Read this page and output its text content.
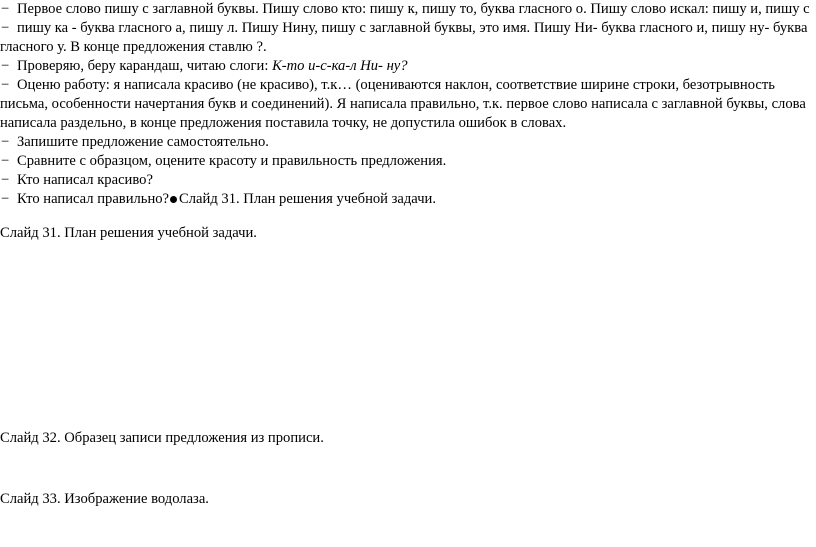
− Первое слово пишу с заглавной буквы. Пишу слово кто: пишу к, пишу то, буква гласного о. Пишу слово искал: пишу и, пишу с

− пишу ка - буква гласного а, пишу л. Пишу Нину, пишу с заглавной буквы, это имя. Пишу Ни- буква гласного и, пишу ну- буква
гласного у. В конце предложения ставлю ?.

− Проверяю, беру карандаш, читаю слоги: К-то и-с-ка-л Ни- ну?

− Оценю работу: я написала красиво (не красиво), т.к… (оцениваются наклон, соответствие ширине строки, безотрывность
письма, особенности начертания букв и соединений). Я написала правильно, т.к. первое слово написала с заглавной буквы, слова
написала раздельно, в конце предложения поставила точку, не допустила ошибок в словах.

− Запишите предложение самостоятельно.

− Сравните с образцом, оцените красоту и правильность предложения.

− Кто написал красиво?

− Кто написал правильно? Слайд 31. План решения учебной задачи.

Слайд 31. План решения учебной задачи.

Слайд 32. Образец записи предложения из прописи.

Слайд 33. Изображение водолаза.
